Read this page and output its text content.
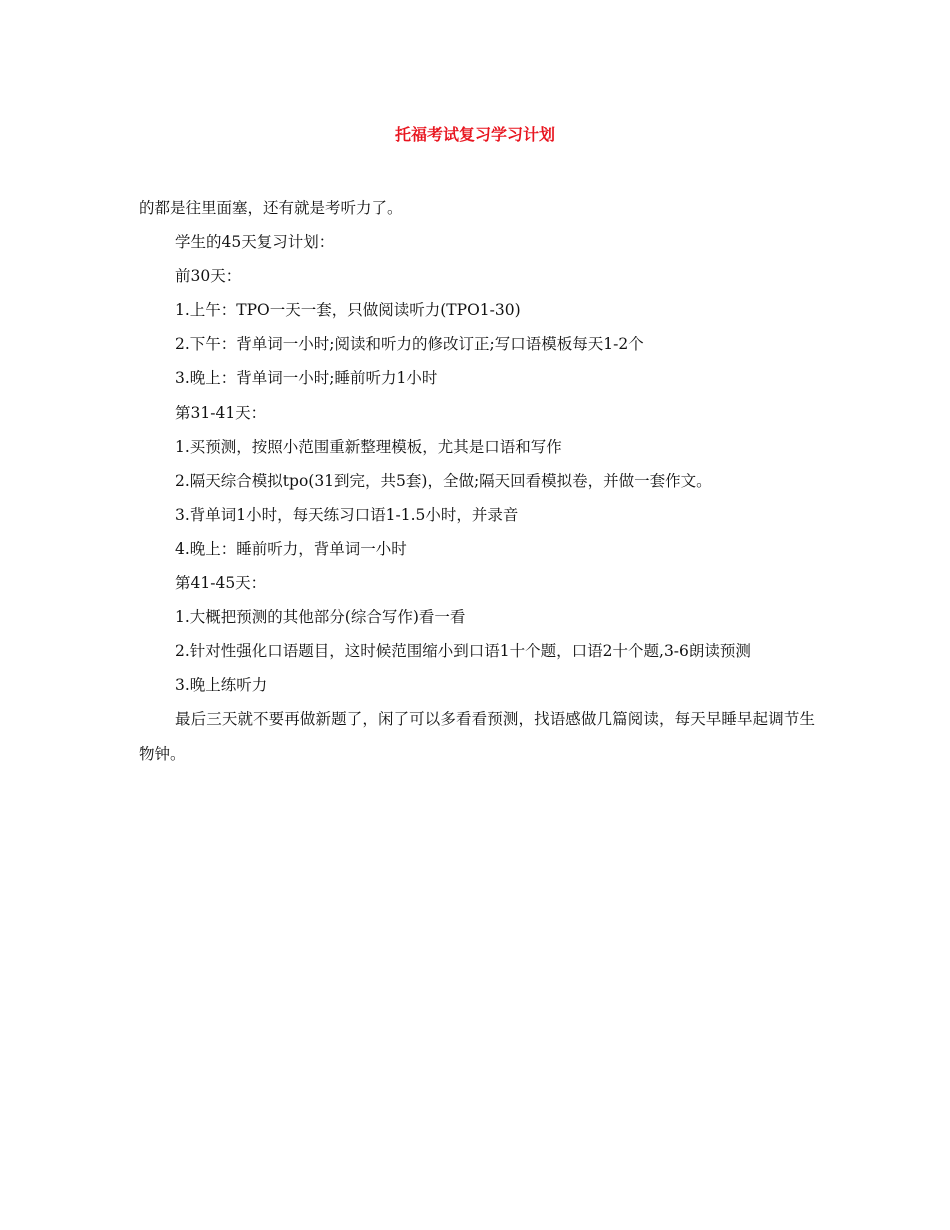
托福考试复习学习计划

的都是往里面塞，还有就是考听力了。

学生的45天复习计划：

前30天：

1.上午：TPO一天一套，只做阅读听力(TPO1-30)

2.下午：背单词一小时;阅读和听力的修改订正;写口语模板每天1-2个

3.晚上：背单词一小时;睡前听力1小时

第31-41天：

1.买预测，按照小范围重新整理模板，尤其是口语和写作

2.隔天综合模拟tpo(31到完，共5套)，全做;隔天回看模拟卷，并做一套作文。

3.背单词1小时，每天练习口语1-1.5小时，并录音

4.晚上：睡前听力，背单词一小时

第41-45天：

1.大概把预测的其他部分(综合写作)看一看

2.针对性强化口语题目，这时候范围缩小到口语1十个题，口语2十个题,3-6朗读预测

3.晚上练听力

最后三天就不要再做新题了，闲了可以多看看预测，找语感做几篇阅读，每天早睡早起调节生物钟。
